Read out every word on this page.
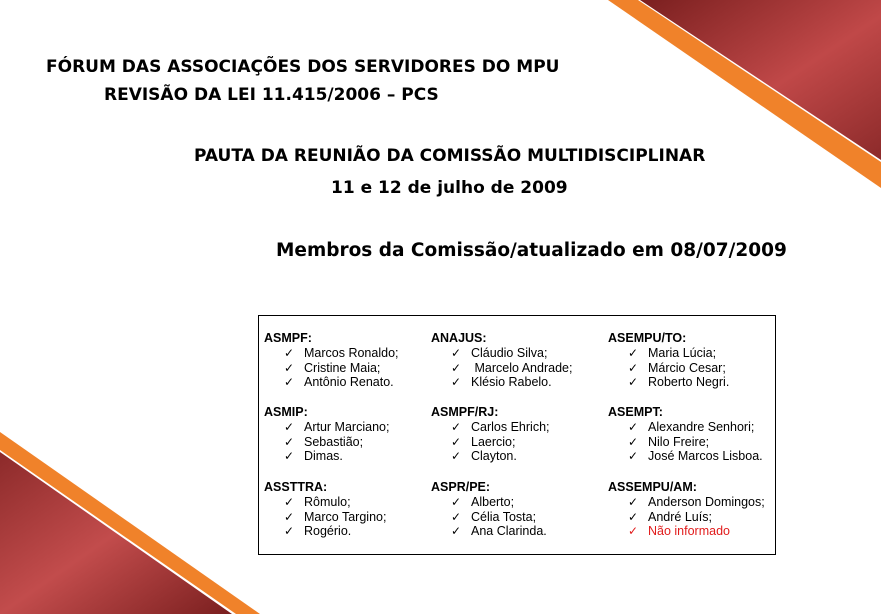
FÓRUM DAS ASSOCIAÇÕES DOS SERVIDORES DO MPU
REVISÃO DA LEI 11.415/2006 – PCS
PAUTA DA REUNIÃO DA COMISSÃO MULTIDISCIPLINAR
11 e 12 de julho de 2009
Membros da Comissão/atualizado em 08/07/2009
ASMPF:
✓ Marcos Ronaldo;
✓ Cristine Maia;
✓ Antônio Renato.
ANAJUS:
✓ Cláudio Silva;
✓ Marcelo Andrade;
✓ Klésio Rabelo.
ASEMPU/TO:
✓ Maria Lúcia;
✓ Márcio Cesar;
✓ Roberto Negri.
ASMIP:
✓ Artur Marciano;
✓ Sebastião;
✓ Dimas.
ASMPF/RJ:
✓ Carlos Ehrich;
✓ Laercio;
✓ Clayton.
ASEMPT:
✓ Alexandre Senhori;
✓ Nilo Freire;
✓ José Marcos Lisboa.
ASSTTRA:
✓ Rômulo;
✓ Marco Targino;
✓ Rogério.
ASPR/PE:
✓ Alberto;
✓ Célia Tosta;
✓ Ana Clarinda.
ASSEMPU/AM:
✓ Anderson Domingos;
✓ André Luís;
✓ Não informado
